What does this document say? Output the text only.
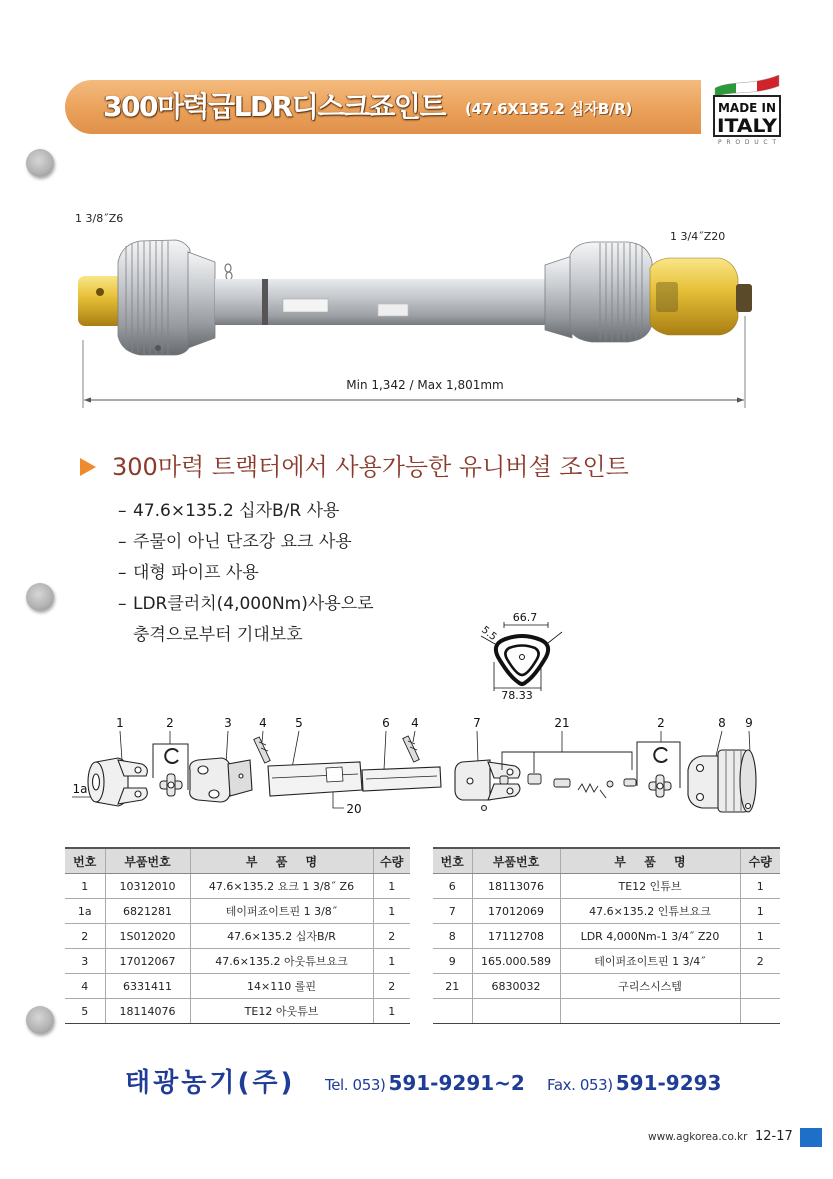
300마력급LDR디스크죠인트 (47.6X135.2 십자B/R)	MADE IN
ITALY
PRODUCT
1 3/8˝Z6
1 3/4˝Z20
Min 1,342 / Max 1,801mm
300마력 트랙터에서 사용가능한 유니버셜 조인트
– 47.6×135.2 십자B/R 사용
– 주물이 아닌 단조강 요크 사용
– 대형 파이프 사용
– LDR클러치(4,000Nm)사용으로
충격으로부터 기대보호
66.7
5.5
78.33
1	2	3 4 5	6 4	7	21	2	8 9
1a
20
번호	부품번호	부 품 명	수량
1	10312010	47.6×135.2 요크 1 3/8˝ Z6	1
1a	6821281	테이퍼죠이트핀 1 3/8˝	1
2	1S012020	47.6×135.2 십자B/R	2
3	17012067	47.6×135.2 아웃튜브요크	1
4	6331411	14×110 롤핀	2
5	18114076	TE12 아웃튜브	1
번호	부품번호	부 품 명	수량
6	18113076	TE12 인튜브	1
7	17012069	47.6×135.2 인튜브요크	1
8	17112708	LDR 4,000Nm-1 3/4˝ Z20	1
9	165.000.589	테이퍼죠이트핀 1 3/4˝	2
21	6830032	구리스시스템	

태광농기(주) Tel. 053) 591-9291~2 Fax. 053) 591-9293
www.agkorea.co.kr 12-17
